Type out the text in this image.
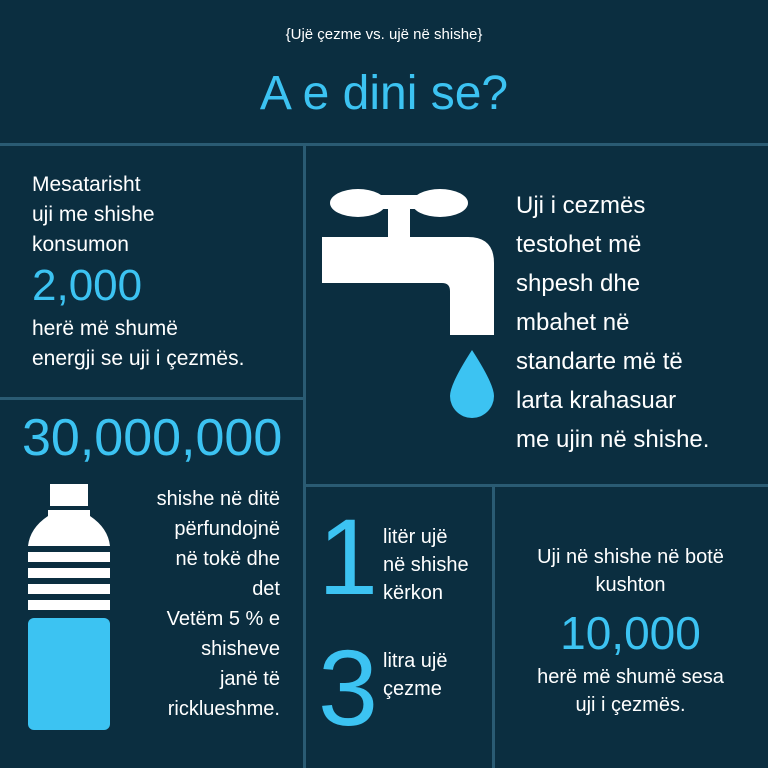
{Ujë çezme vs. ujë në shishe}
A e dini se?
Mesatarisht
uji me shishe
konsumon
2,000
herë më shumë
energji se uji i çezmës.
Uji i cezmës
testohet më
shpesh dhe
mbahet në
standarte më të
larta krahasuar
me ujin në shishe.
30,000,000
shishe në ditë
përfundojnë
në tokë dhe
det
Vetëm 5 % e
shisheve
janë të
ricklueshme.
1 litër ujë
në shishe
kërkon
3 litra ujë
çezme
Uji në shishe në botë
kushton
10,000
herë më shumë sesa
uji i çezmës.
